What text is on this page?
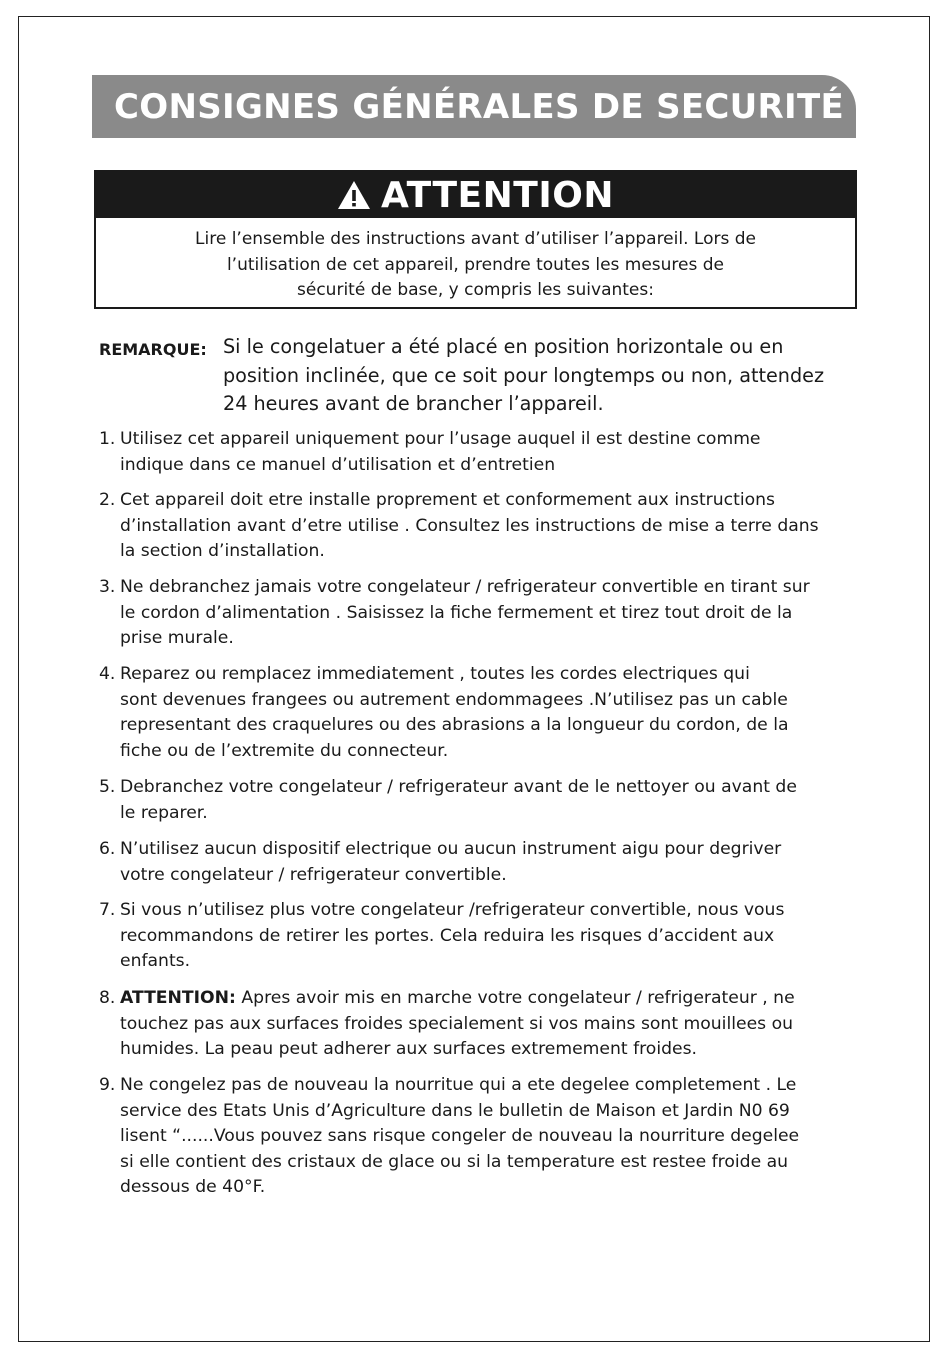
CONSIGNES GÉNÉRALES DE SECURITÉ
ATTENTION
Lire l’ensemble des instructions avant d’utiliser l’appareil. Lors de
l’utilisation de cet appareil, prendre toutes les mesures de
sécurité de base, y compris les suivantes:
REMARQUE: Si le congelatuer a été placé en position horizontale ou en
position inclinée, que ce soit pour longtemps ou non, attendez
24 heures avant de brancher l’appareil.
1. Utilisez cet appareil uniquement pour l’usage auquel il est destine comme
indique dans ce manuel d’utilisation et d’entretien
2. Cet appareil doit etre installe proprement et conformement aux instructions
d’installation avant d’etre utilise . Consultez les instructions de mise a terre dans
la section d’installation.
3. Ne debranchez jamais votre congelateur / refrigerateur convertible en tirant sur
le cordon d’alimentation . Saisissez la fiche fermement et tirez tout droit de la
prise murale.
4. Reparez ou remplacez immediatement , toutes les cordes electriques qui
sont devenues frangees ou autrement endommagees .N’utilisez pas un cable
representant des craquelures ou des abrasions a la longueur du cordon, de la
fiche ou de l’extremite du connecteur.
5. Debranchez votre congelateur / refrigerateur avant de le nettoyer ou avant de
le reparer.
6. N’utilisez aucun dispositif electrique ou aucun instrument aigu pour degriver
votre congelateur / refrigerateur convertible.
7. Si vous n’utilisez plus votre congelateur /refrigerateur convertible, nous vous
recommandons de retirer les portes. Cela reduira les risques d’accident aux
enfants.
8. ATTENTION: Apres avoir mis en marche votre congelateur / refrigerateur , ne
touchez pas aux surfaces froides specialement si vos mains sont mouillees ou
humides. La peau peut adherer aux surfaces extremement froides.
9. Ne congelez pas de nouveau la nourritue qui a ete degelee completement . Le
service des Etats Unis d’Agriculture dans le bulletin de Maison et Jardin N0 69
lisent “......Vous pouvez sans risque congeler de nouveau la nourriture degelee
si elle contient des cristaux de glace ou si la temperature est restee froide au
dessous de 40°F.
